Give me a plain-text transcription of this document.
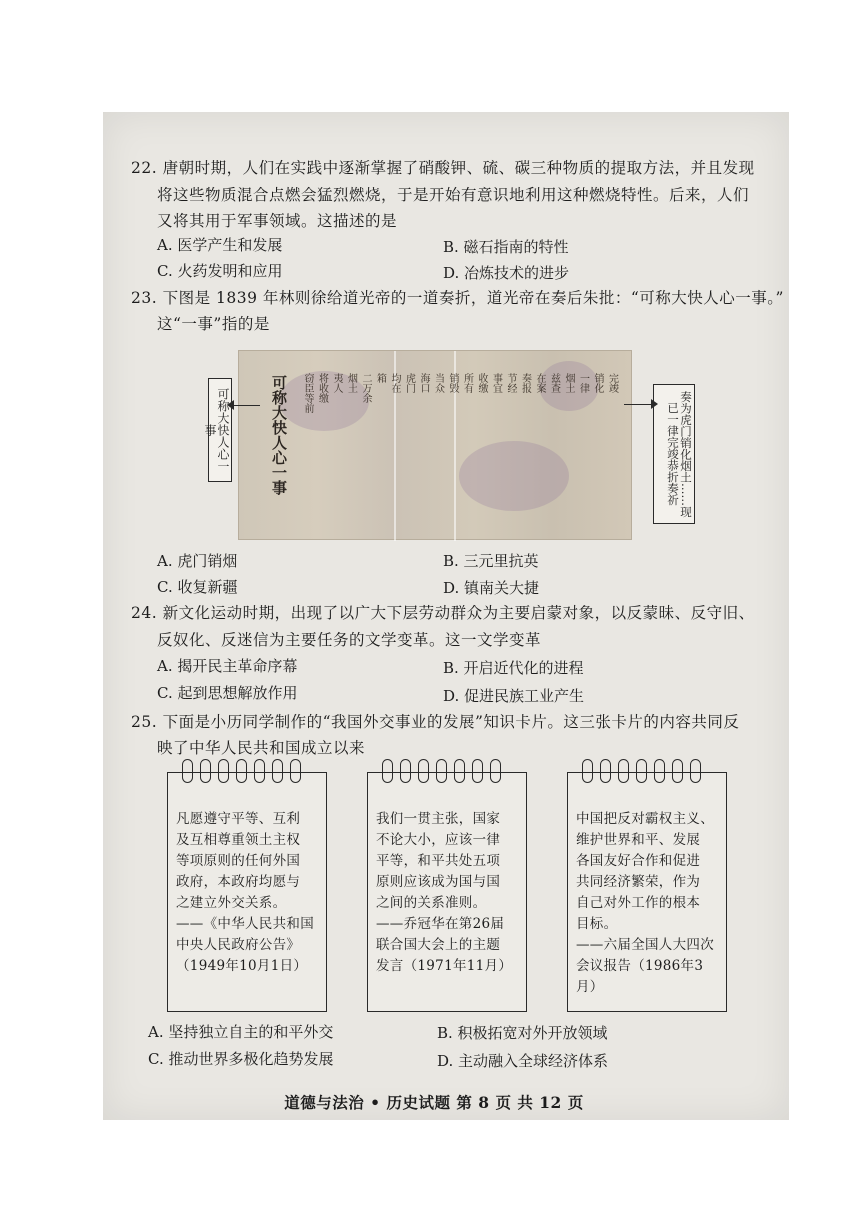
22. 唐朝时期，人们在实践中逐渐掌握了硝酸钾、硫、碳三种物质的提取方法，并且发现
将这些物质混合点燃会猛烈燃烧，于是开始有意识地利用这种燃烧特性。后来，人们
又将其用于军事领域。这描述的是
A. 医学产生和发展	B. 磁石指南的特性
C. 火药发明和应用	D. 冶炼技术的进步
23. 下图是 1839 年林则徐给道光帝的一道奏折，道光帝在奏后朱批：“可称大快人心一事。”
这“一事”指的是
窃臣等前 将收缴 夷人 烟土 二万余 箱 均在 虎门 海口 当众 销毁 所有 收缴 事宜 节经 奏报 在案 兹查 烟土 一律 销化 完竣
可称大快人心一事
可称大快人心一事	奏为虎门销化烟土……现已一律完竣恭折奏祈
A. 虎门销烟	B. 三元里抗英
C. 收复新疆	D. 镇南关大捷
24. 新文化运动时期，出现了以广大下层劳动群众为主要启蒙对象，以反蒙昧、反守旧、
反奴化、反迷信为主要任务的文学变革。这一文学变革
A. 揭开民主革命序幕	B. 开启近代化的进程
C. 起到思想解放作用	D. 促进民族工业产生
25. 下面是小历同学制作的“我国外交事业的发展”知识卡片。这三张卡片的内容共同反
映了中华人民共和国成立以来
凡愿遵守平等、互利
及互相尊重领土主权
等项原则的任何外国
政府，本政府均愿与
之建立外交关系。
——《中华人民共和国
中央人民政府公告》
（1949年10月1日）
我们一贯主张，国家
不论大小，应该一律
平等，和平共处五项
原则应该成为国与国
之间的关系准则。
——乔冠华在第26届
联合国大会上的主题
发言（1971年11月）
中国把反对霸权主义、
维护世界和平、发展
各国友好合作和促进
共同经济繁荣，作为
自己对外工作的根本
目标。
——六届全国人大四次
会议报告（1986年3月）
A. 坚持独立自主的和平外交	B. 积极拓宽对外开放领域
C. 推动世界多极化趋势发展	D. 主动融入全球经济体系
道德与法治 • 历史试题 第 8 页 共 12 页
